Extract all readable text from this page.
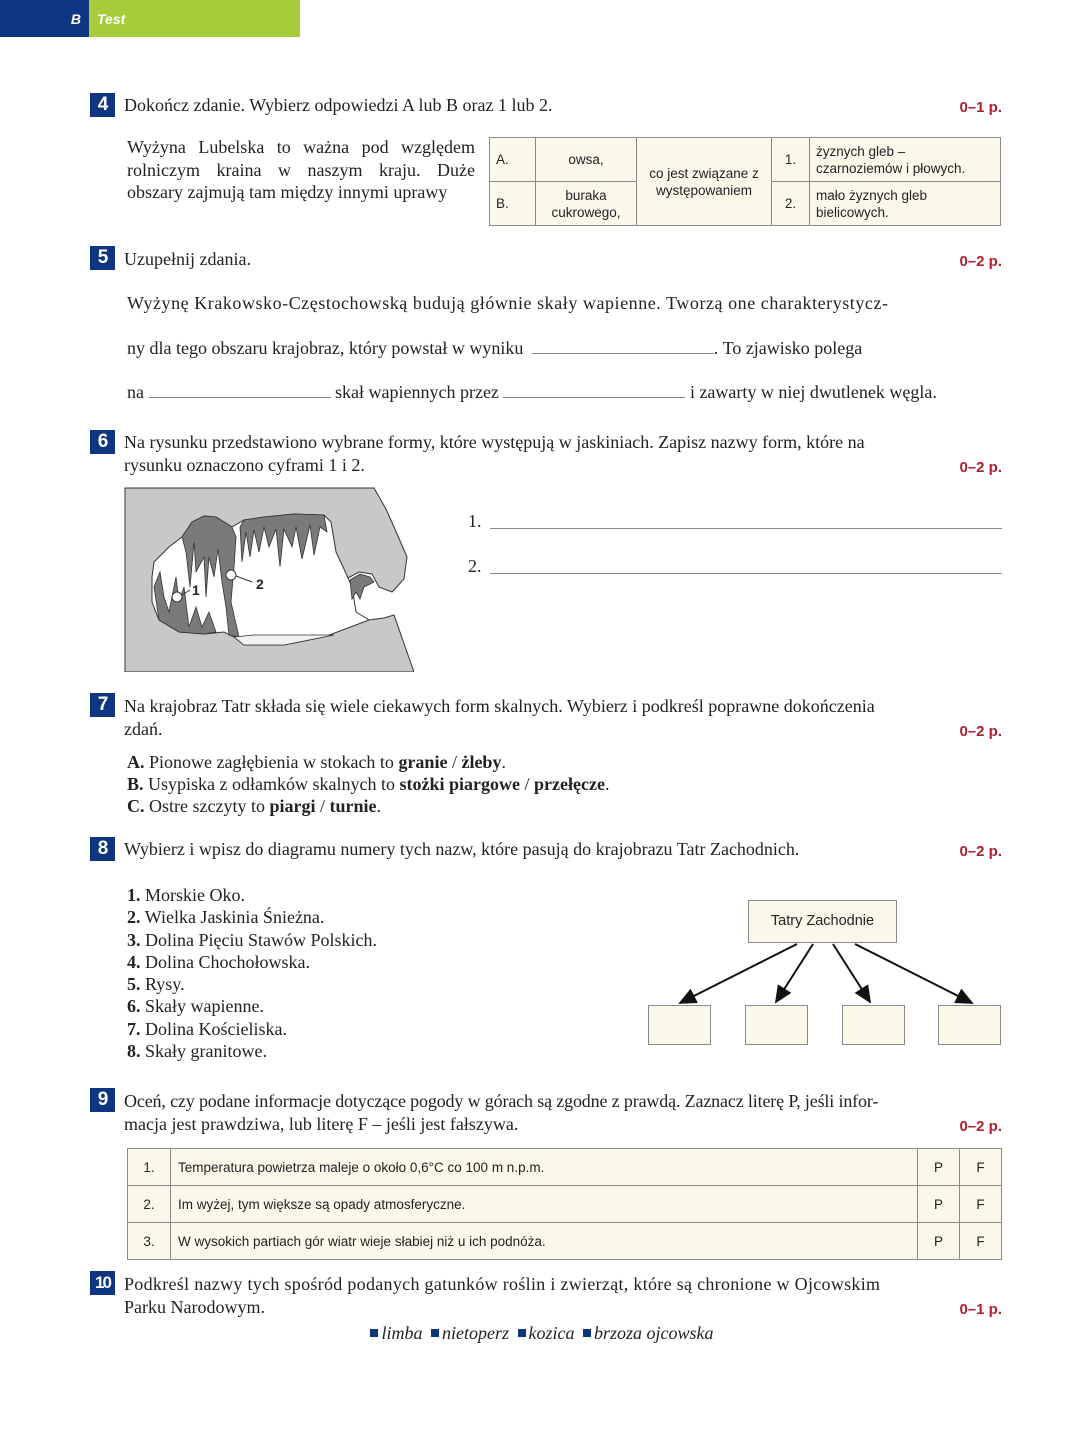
B Test
4 Dokończ zdanie. Wybierz odpowiedzi A lub B oraz 1 lub 2.	0–1 p.
Wyżyna Lubelska to ważna pod względem rolniczym kraina w naszym kraju. Duże obszary zajmują tam między innymi uprawy
A.	owsa,	co jest związane z występowaniem	1.	żyznych gleb – czarnoziemów i płowych.
B.	buraka cukrowego,		2.	mało żyznych gleb bielicowych.
5 Uzupełnij zdania.	0–2 p.
Wyżynę Krakowsko-Częstochowską budują głównie skały wapienne. Tworzą one charakterystycz-
ny dla tego obszaru krajobraz, który powstał w wyniku	. To zjawisko polega
na	skał wapiennych przez	i zawarty w niej dwutlenek węgla.
6 Na rysunku przedstawiono wybrane formy, które występują w jaskiniach. Zapisz nazwy form, które na
rysunku oznaczono cyframi 1 i 2.	0–2 p.
1	2
1.
2.
7 Na krajobraz Tatr składa się wiele ciekawych form skalnych. Wybierz i podkreśl poprawne dokończenia
zdań.	0–2 p.
A. Pionowe zagłębienia w stokach to granie / żleby.
B. Usypiska z odłamków skalnych to stożki piargowe / przełęcze.
C. Ostre szczyty to piargi / turnie.
8 Wybierz i wpisz do diagramu numery tych nazw, które pasują do krajobrazu Tatr Zachodnich.	0–2 p.
1. Morskie Oko.
2. Wielka Jaskinia Śnieżna.
3. Dolina Pięciu Stawów Polskich.
4. Dolina Chochołowska.
5. Rysy.
6. Skały wapienne.
7. Dolina Kościeliska.
8. Skały granitowe.
Tatry Zachodnie
9 Oceń, czy podane informacje dotyczące pogody w górach są zgodne z prawdą. Zaznacz literę P, jeśli infor-
macja jest prawdziwa, lub literę F – jeśli jest fałszywa.	0–2 p.
1.	Temperatura powietrza maleje o około 0,6°C co 100 m n.p.m.	P	F
2.	Im wyżej, tym większe są opady atmosferyczne.	P	F
3.	W wysokich partiach gór wiatr wieje słabiej niż u ich podnóża.	P	F
10 Podkreśl nazwy tych spośród podanych gatunków roślin i zwierząt, które są chronione w Ojcowskim
Parku Narodowym.	0–1 p.
limba nietoperz kozica brzoza ojcowska
